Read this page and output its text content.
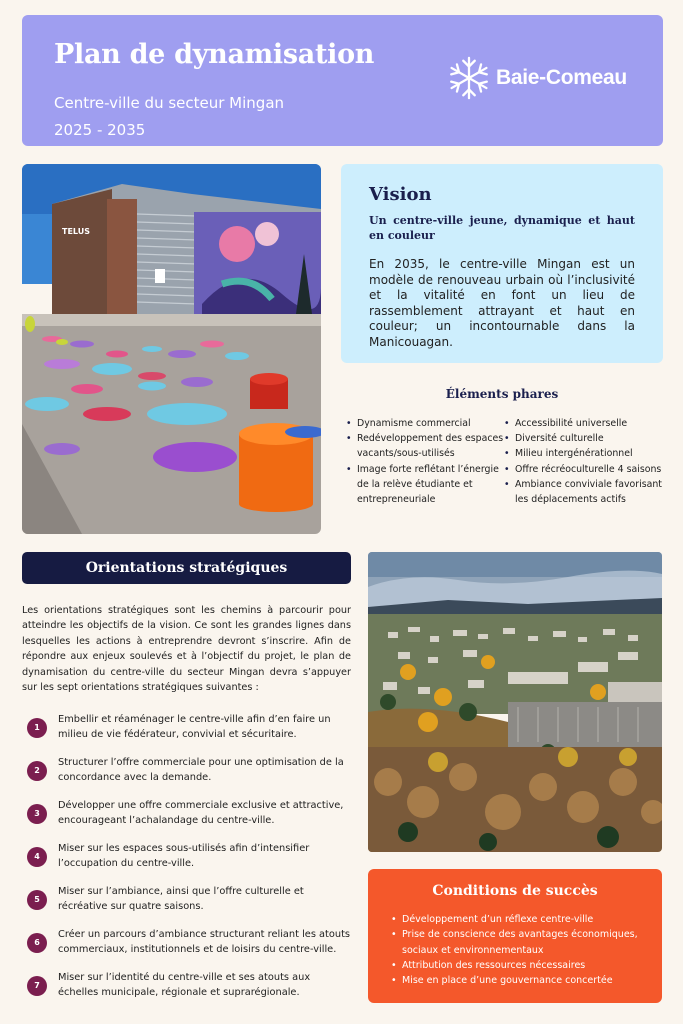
Plan de dynamisation
Centre-ville du secteur Mingan
2025 - 2035
Baie-Comeau
TELUS
Vision
Un centre-ville jeune, dynamique et haut en couleur
En 2035, le centre-ville Mingan est un modèle de renouveau urbain où l’inclusivité et la vitalité en font un lieu de rassemblement attrayant et haut en couleur; un incontournable dans la Manicouagan.
Éléments phares
• Dynamisme commercial
• Redéveloppement des espaces vacants/sous-utilisés
• Image forte reflétant l’énergie de la relève étudiante et entrepreneuriale
• Accessibilité universelle
• Diversité culturelle
• Milieu intergénérationnel
• Offre récréoculturelle 4 saisons
• Ambiance conviviale favorisant les déplacements actifs
Orientations stratégiques
Les orientations stratégiques sont les chemins à parcourir pour atteindre les objectifs de la vision. Ce sont les grandes lignes dans lesquelles les actions à entreprendre devront s’inscrire. Afin de répondre aux enjeux soulevés et à l’objectif du projet, le plan de dynamisation du centre-ville du secteur Mingan devra s’appuyer sur les sept orientations stratégiques suivantes :
1
Embellir et réaménager le centre-ville afin d’en faire un milieu de vie fédérateur, convivial et sécuritaire.
2
Structurer l’offre commerciale pour une optimisation de la concordance avec la demande.
3
Développer une offre commerciale exclusive et attractive, encourageant l’achalandage du centre-ville.
4
Miser sur les espaces sous-utilisés afin d’intensifier l’occupation du centre-ville.
5
Miser sur l’ambiance, ainsi que l’offre culturelle et récréative sur quatre saisons.
6
Créer un parcours d’ambiance structurant reliant les atouts commerciaux, institutionnels et de loisirs du centre-ville.
7
Miser sur l’identité du centre-ville et ses atouts aux échelles municipale, régionale et suprarégionale.
Conditions de succès
• Développement d’un réflexe centre-ville
• Prise de conscience des avantages économiques, sociaux et environnementaux
• Attribution des ressources nécessaires
• Mise en place d’une gouvernance concertée
